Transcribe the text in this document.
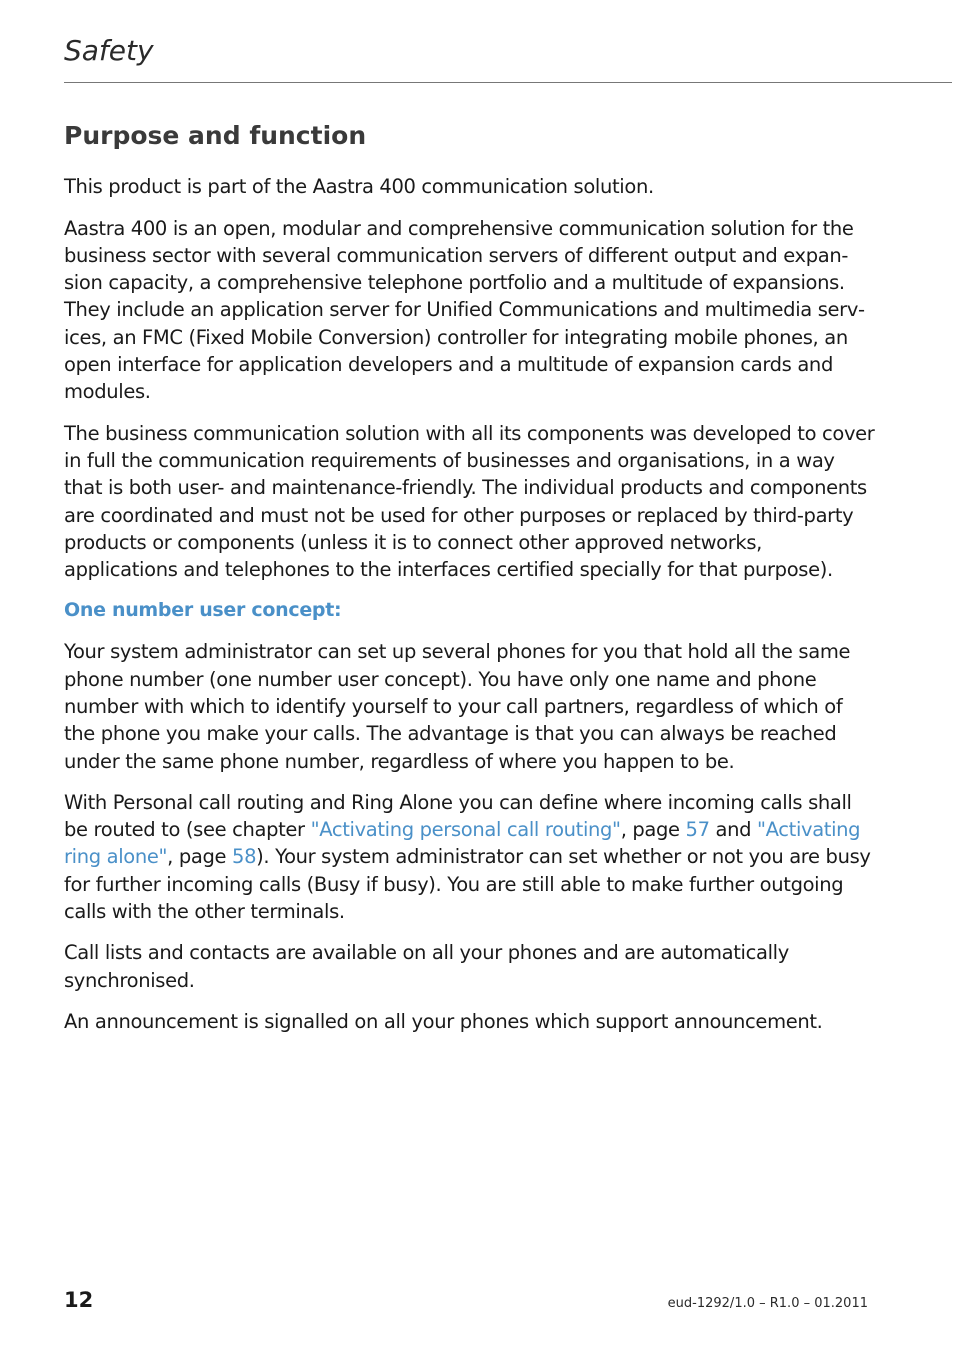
Safety
Purpose and function

This product is part of the Aastra 400 communication solution.

Aastra 400 is an open, modular and comprehensive communication solution for the business sector with several communication servers of different output and expansion capacity, a comprehensive telephone portfolio and a multitude of expansions. They include an application server for Unified Communications and multimedia services, an FMC (Fixed Mobile Conversion) controller for integrating mobile phones, an open interface for application developers and a multitude of expansion cards and modules.

The business communication solution with all its components was developed to cover in full the communication requirements of businesses and organisations, in a way that is both user- and maintenance-friendly. The individual products and components are coordinated and must not be used for other purposes or replaced by third-party products or components (unless it is to connect other approved networks, applications and telephones to the interfaces certified specially for that purpose).

One number user concept:

Your system administrator can set up several phones for you that hold all the same phone number (one number user concept). You have only one name and phone number with which to identify yourself to your call partners, regardless of which of the phone you make your calls. The advantage is that you can always be reached under the same phone number, regardless of where you happen to be.

With Personal call routing and Ring Alone you can define where incoming calls shall be routed to (see chapter "Activating personal call routing", page 57 and "Activating ring alone", page 58). Your system administrator can set whether or not you are busy for further incoming calls (Busy if busy). You are still able to make further outgoing calls with the other terminals.

Call lists and contacts are available on all your phones and are automatically synchronised.

An announcement is signalled on all your phones which support announcement.

12	eud-1292/1.0 – R1.0 – 01.2011
